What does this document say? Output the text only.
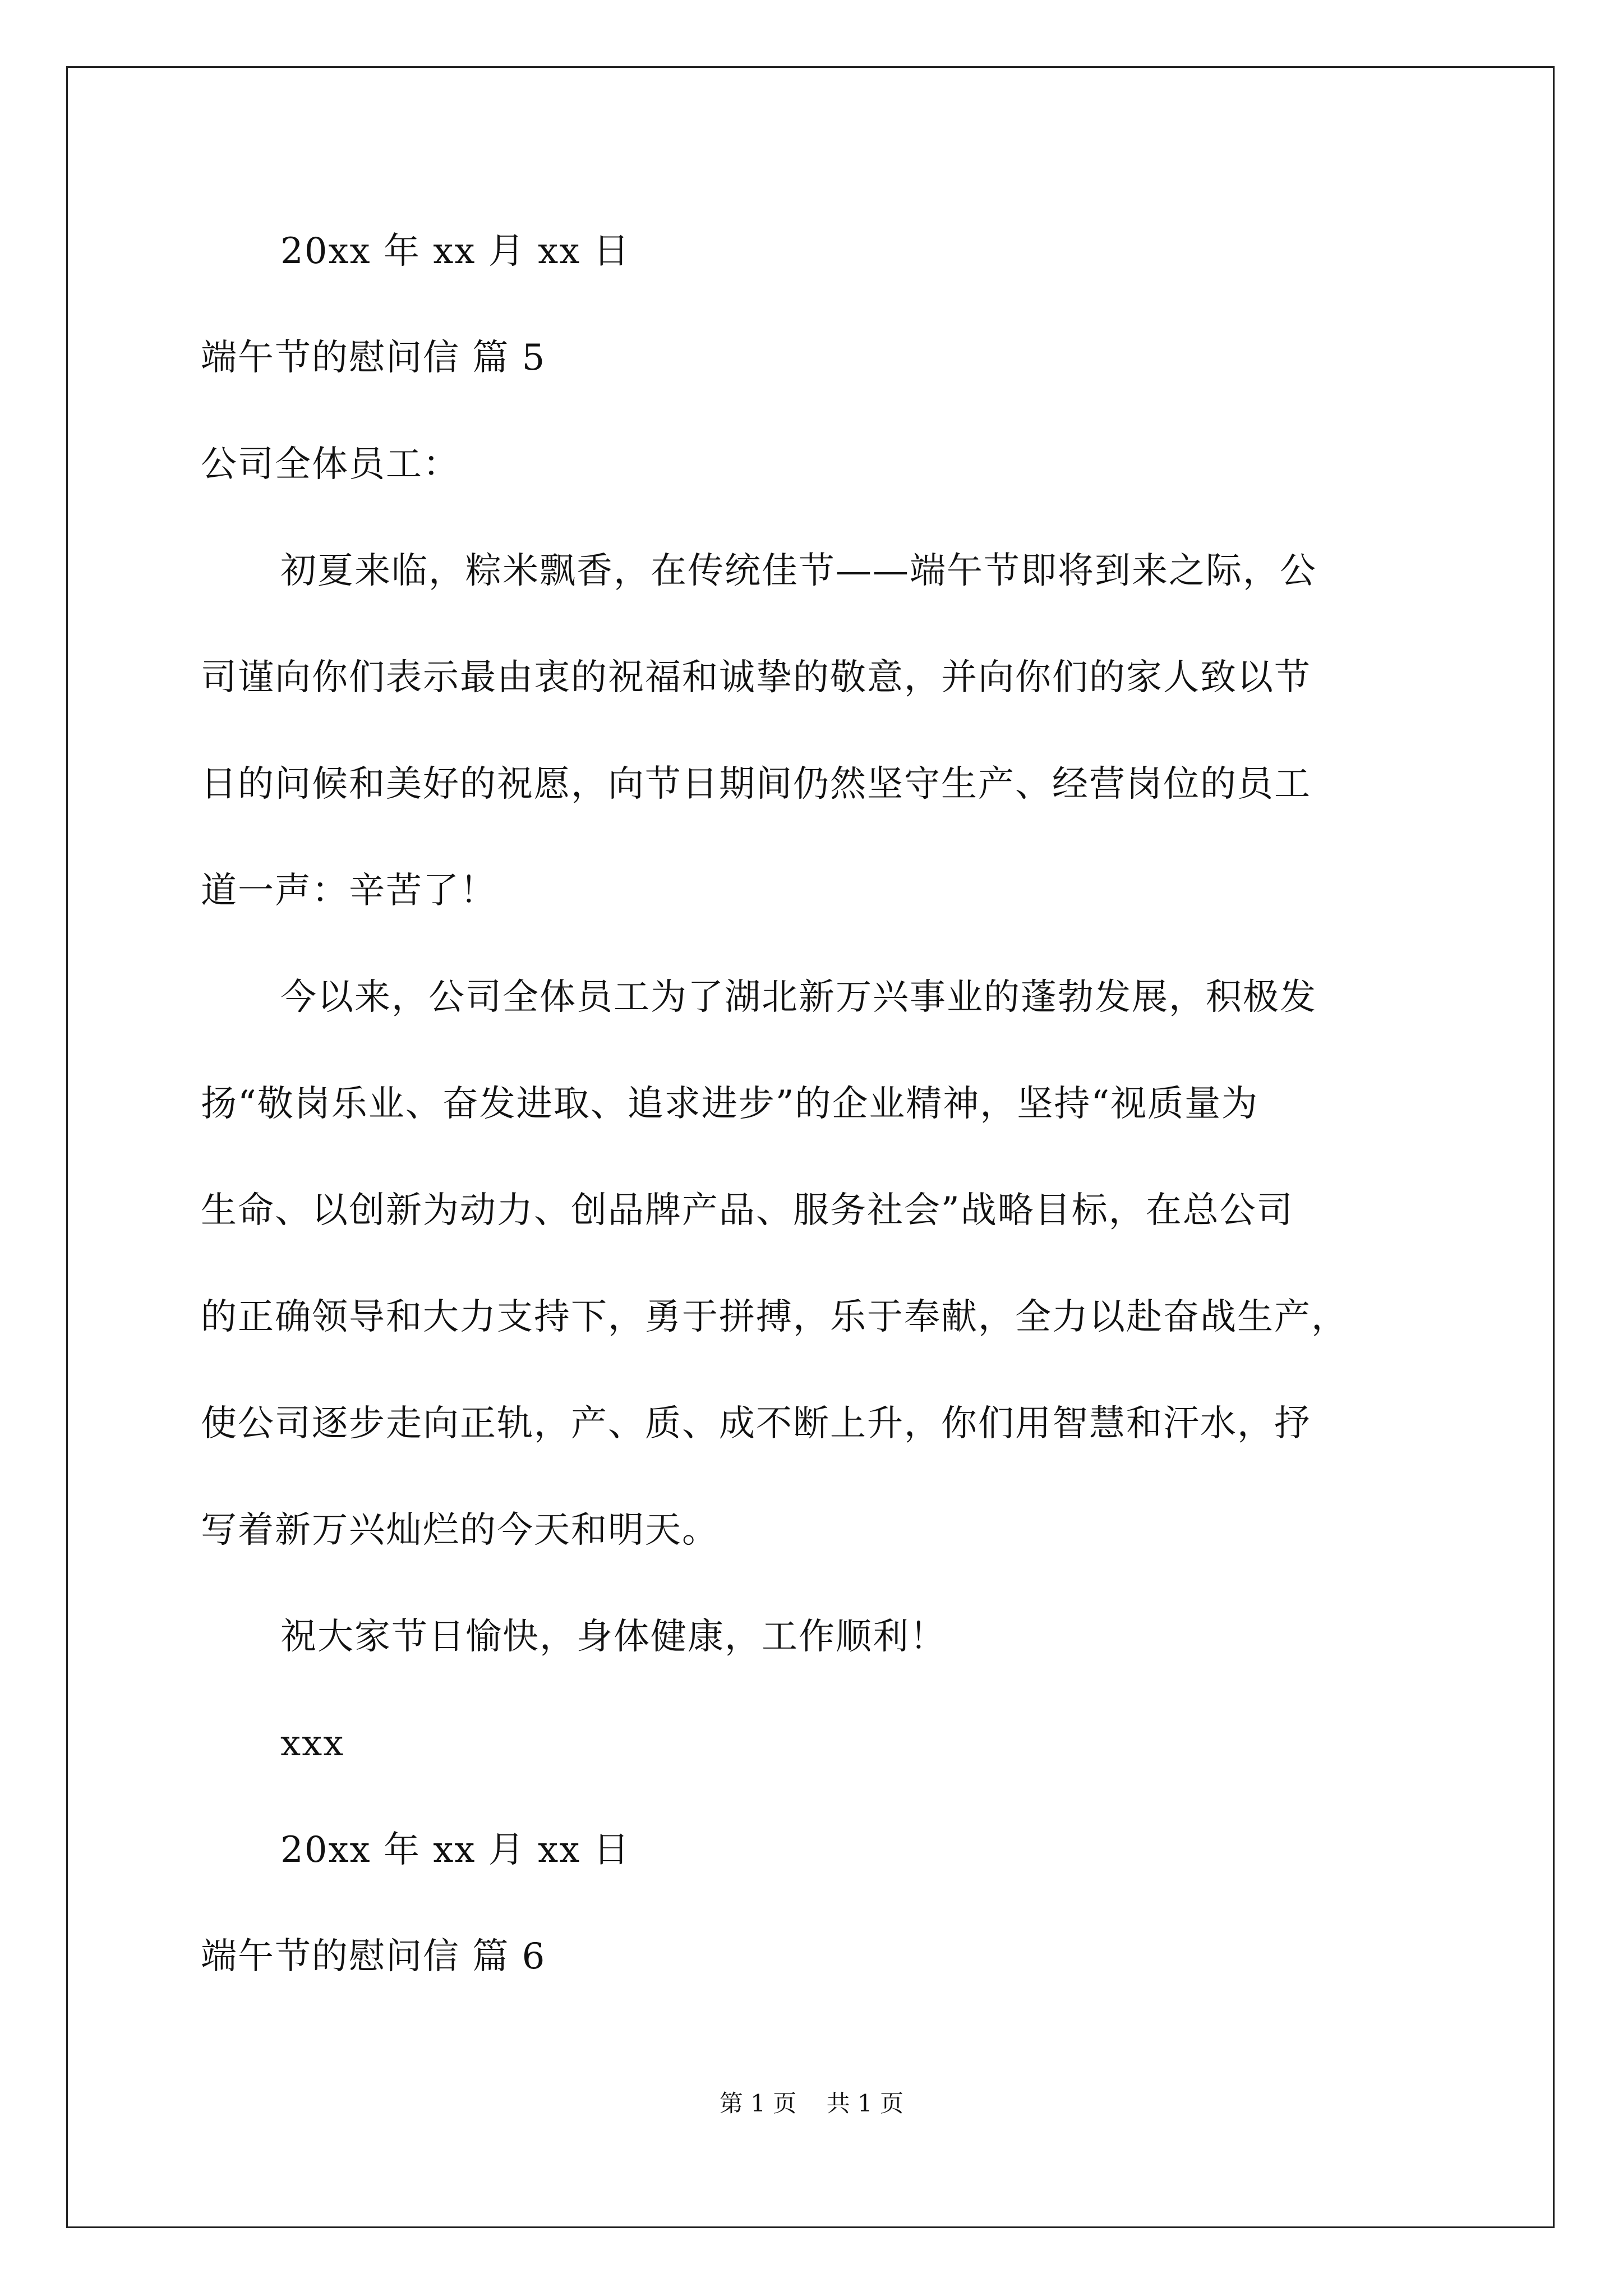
20xx 年 xx 月 xx 日
端午节的慰问信 篇 5
公司全体员工：
初夏来临，粽米飘香，在传统佳节——端午节即将到来之际，公
司谨向你们表示最由衷的祝福和诚挚的敬意，并向你们的家人致以节
日的问候和美好的祝愿，向节日期间仍然坚守生产、经营岗位的员工
道一声：辛苦了！
今以来，公司全体员工为了湖北新万兴事业的蓬勃发展，积极发
扬“敬岗乐业、奋发进取、追求进步”的企业精神，坚持“视质量为
生命、以创新为动力、创品牌产品、服务社会”战略目标，在总公司
的正确领导和大力支持下，勇于拼搏，乐于奉献，全力以赴奋战生产，
使公司逐步走向正轨，产、质、成不断上升，你们用智慧和汗水，抒
写着新万兴灿烂的今天和明天。
祝大家节日愉快，身体健康，工作顺利！
xxx
20xx 年 xx 月 xx 日
端午节的慰问信 篇 6
第 1 页    共 1 页
